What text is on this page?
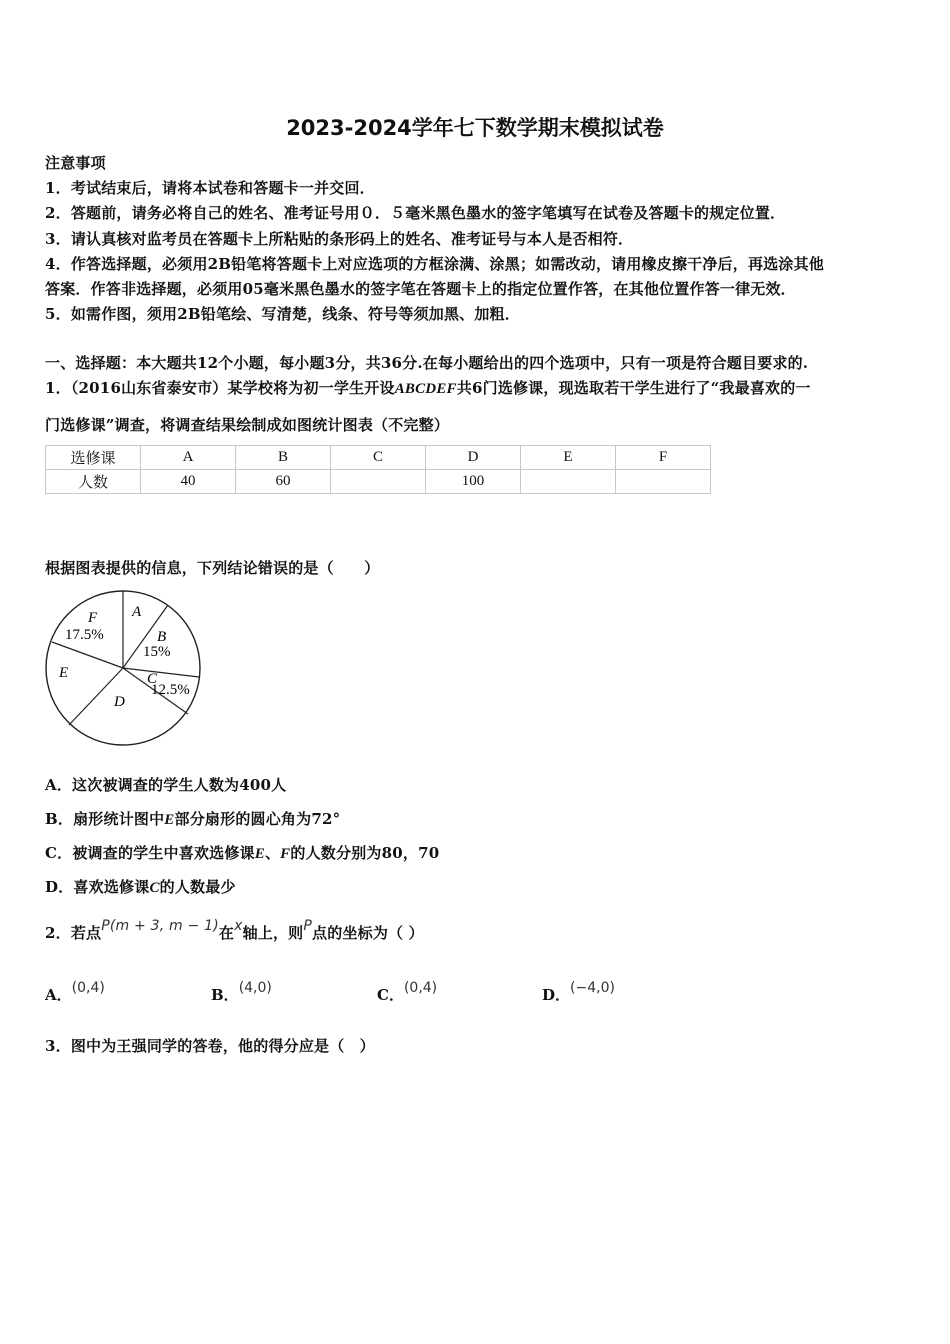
2023-2024学年七下数学期末模拟试卷
注意事项
1．考试结束后，请将本试卷和答题卡一并交回．
2．答题前，请务必将自己的姓名、准考证号用０．５毫米黑色墨水的签字笔填写在试卷及答题卡的规定位置．
3．请认真核对监考员在答题卡上所粘贴的条形码上的姓名、准考证号与本人是否相符．
4．作答选择题，必须用2B铅笔将答题卡上对应选项的方框涂满、涂黑；如需改动，请用橡皮擦干净后，再选涂其他
答案．作答非选择题，必须用05毫米黑色墨水的签字笔在答题卡上的指定位置作答，在其他位置作答一律无效．
5．如需作图，须用2B铅笔绘、写清楚，线条、符号等须加黑、加粗．
一、选择题：本大题共12个小题，每小题3分，共36分.在每小题给出的四个选项中，只有一项是符合题目要求的.
1．（2016山东省泰安市）某学校将为初一学生开设ABCDEF共6门选修课，现选取若干学生进行了“我最喜欢的一
门选修课”调查，将调查结果绘制成如图统计图表（不完整）
选修课	A	B	C	D	E	F
人数	40	60		100		
根据图表提供的信息，下列结论错误的是（　　）
A
B
15%
C
12.5%
D
E
F
17.5%
A．这次被调查的学生人数为400人
B．扇形统计图中E部分扇形的圆心角为72°
C．被调查的学生中喜欢选修课E、F的人数分别为80，70
D．喜欢选修课C的人数最少
2．若点P(m + 3, m − 1)在x轴上，则P点的坐标为（ ）
A．(0,4)	B．(4,0)	C．(0,4)	D．(−4,0)
3．图中为王强同学的答卷，他的得分应是（　）
